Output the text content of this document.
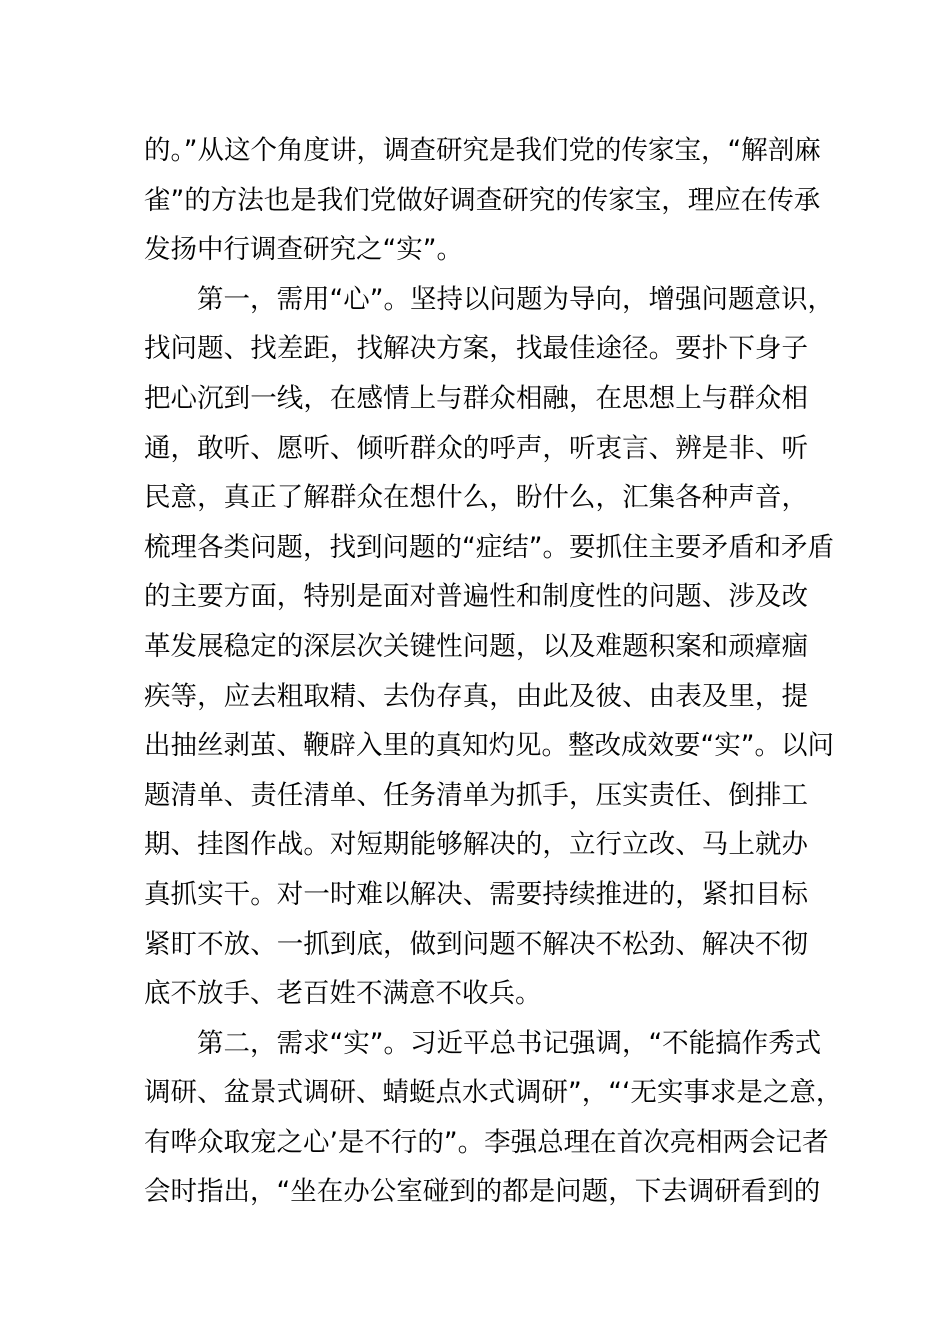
的。”从这个角度讲，调查研究是我们党的传家宝，“解剖麻
雀”的方法也是我们党做好调查研究的传家宝，理应在传承
发扬中行调查研究之“实”。
第一，需用“心”。坚持以问题为导向，增强问题意识，
找问题、找差距，找解决方案，找最佳途径。要扑下身子
把心沉到一线，在感情上与群众相融，在思想上与群众相
通，敢听、愿听、倾听群众的呼声，听衷言、辨是非、听
民意，真正了解群众在想什么，盼什么，汇集各种声音，
梳理各类问题，找到问题的“症结”。要抓住主要矛盾和矛盾
的主要方面，特别是面对普遍性和制度性的问题、涉及改
革发展稳定的深层次关键性问题，以及难题积案和顽瘴痼
疾等，应去粗取精、去伪存真，由此及彼、由表及里，提
出抽丝剥茧、鞭辟入里的真知灼见。整改成效要“实”。以问
题清单、责任清单、任务清单为抓手，压实责任、倒排工
期、挂图作战。对短期能够解决的，立行立改、马上就办
真抓实干。对一时难以解决、需要持续推进的，紧扣目标
紧盯不放、一抓到底，做到问题不解决不松劲、解决不彻
底不放手、老百姓不满意不收兵。
第二，需求“实”。习近平总书记强调，“不能搞作秀式
调研、盆景式调研、蜻蜓点水式调研”，“‘无实事求是之意，
有哗众取宠之心’是不行的”。李强总理在首次亮相两会记者
会时指出，“坐在办公室碰到的都是问题，下去调研看到的
